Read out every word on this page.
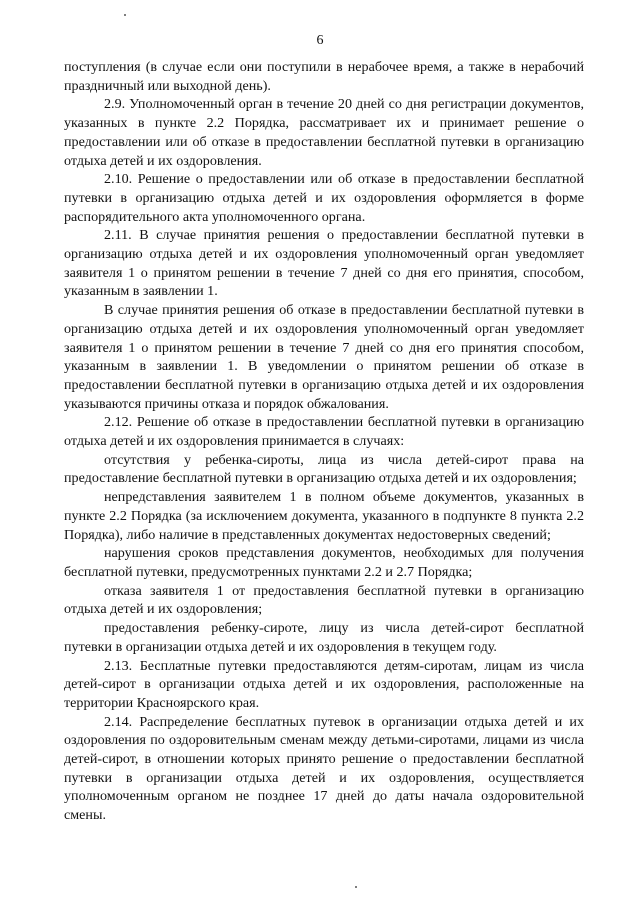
6

поступления (в случае если они поступили в нерабочее время, а также в нерабочий праздничный или выходной день).

2.9. Уполномоченный орган в течение 20 дней со дня регистрации документов, указанных в пункте 2.2 Порядка, рассматривает их и принимает решение о предоставлении или об отказе в предоставлении бесплатной путевки в организацию отдыха детей и их оздоровления.

2.10. Решение о предоставлении или об отказе в предоставлении бесплатной путевки в организацию отдыха детей и их оздоровления оформляется в форме распорядительного акта уполномоченного органа.

2.11. В случае принятия решения о предоставлении бесплатной путевки в организацию отдыха детей и их оздоровления уполномоченный орган уведомляет заявителя 1 о принятом решении в течение 7 дней со дня его принятия, способом, указанным в заявлении 1.

В случае принятия решения об отказе в предоставлении бесплатной путевки в организацию отдыха детей и их оздоровления уполномоченный орган уведомляет заявителя 1 о принятом решении в течение 7 дней со дня его принятия способом, указанным в заявлении 1. В уведомлении о принятом решении об отказе в предоставлении бесплатной путевки в организацию отдыха детей и их оздоровления указываются причины отказа и порядок обжалования.

2.12. Решение об отказе в предоставлении бесплатной путевки в организацию отдыха детей и их оздоровления принимается в случаях:

отсутствия у ребенка-сироты, лица из числа детей-сирот права на предоставление бесплатной путевки в организацию отдыха детей и их оздоровления;

непредставления заявителем 1 в полном объеме документов, указанных в пункте 2.2 Порядка (за исключением документа, указанного в подпункте 8 пункта 2.2 Порядка), либо наличие в представленных документах недостоверных сведений;

нарушения сроков представления документов, необходимых для получения бесплатной путевки, предусмотренных пунктами 2.2 и 2.7 Порядка;

отказа заявителя 1 от предоставления бесплатной путевки в организацию отдыха детей и их оздоровления;

предоставления ребенку-сироте, лицу из числа детей-сирот бесплатной путевки в организации отдыха детей и их оздоровления в текущем году.

2.13. Бесплатные путевки предоставляются детям-сиротам, лицам из числа детей-сирот в организации отдыха детей и их оздоровления, расположенные на территории Красноярского края.

2.14. Распределение бесплатных путевок в организации отдыха детей и их оздоровления по оздоровительным сменам между детьми-сиротами, лицами из числа детей-сирот, в отношении которых принято решение о предоставлении бесплатной путевки в организации отдыха детей и их оздоровления, осуществляется уполномоченным органом не позднее 17 дней до даты начала оздоровительной смены.
